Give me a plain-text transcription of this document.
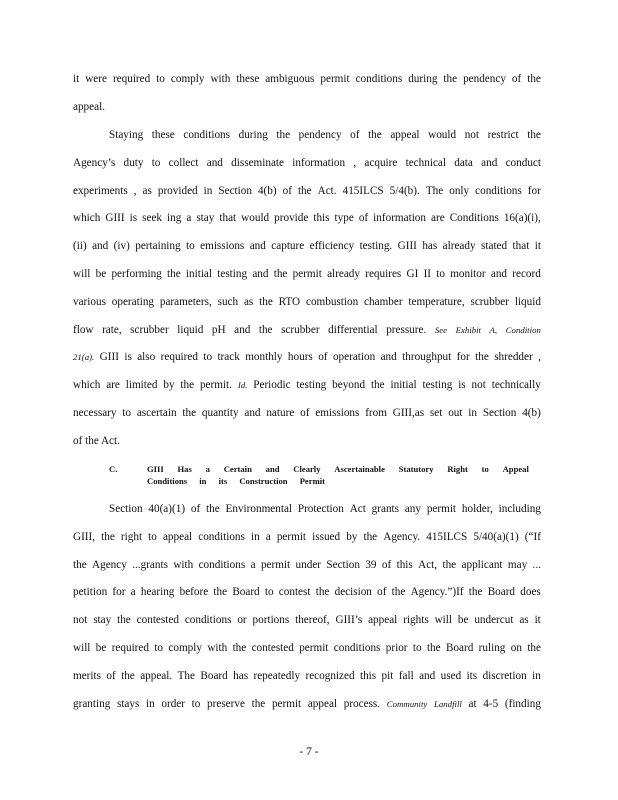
it were required to comply with these ambiguous permit conditions during the pendency of the
appeal.
Staying these conditions during the pendency of the appeal would not restrict the
Agency’s duty to collect and disseminate information , acquire technical data and conduct
experiments , as provided in Section 4(b) of the Act. 415ILCS 5/4(b). The only conditions for
which GIII is seek ing a stay that would provide this type of information are Conditions 16(a)(i),
(ii) and (iv) pertaining to emissions and capture efficiency testing. GIII has already stated that it
will be performing the initial testing and the permit already requires GI II to monitor and record
various operating parameters, such as the RTO combustion chamber temperature, scrubber liquid
flow rate, scrubber liquid pH and the scrubber differential pressure. See Exhibit A, Condition
21(a). GIII is also required to track monthly hours of operation and throughput for the shredder ,
which are limited by the permit. Id. Periodic testing beyond the initial testing is not technically
necessary to ascertain the quantity and nature of emissions from GIII,as set out in Section 4(b)
of the Act.
C.	GIII Has a Certain and Clearly Ascertainable Statutory Right to Appeal
Conditions in its Construction Permit
Section 40(a)(1) of the Environmental Protection Act grants any permit holder, including
GIII, the right to appeal conditions in a permit issued by the Agency. 415ILCS 5/40(a)(1) (“If
the Agency ...grants with conditions a permit under Section 39 of this Act, the applicant may ...
petition for a hearing before the Board to contest the decision of the Agency.”)If the Board does
not stay the contested conditions or portions thereof, GIII’s appeal rights will be undercut as it
will be required to comply with the contested permit conditions prior to the Board ruling on the
merits of the appeal. The Board has repeatedly recognized this pit fall and used its discretion in
granting stays in order to preserve the permit appeal process. Community Landfill at 4-5 (finding
- 7 -
